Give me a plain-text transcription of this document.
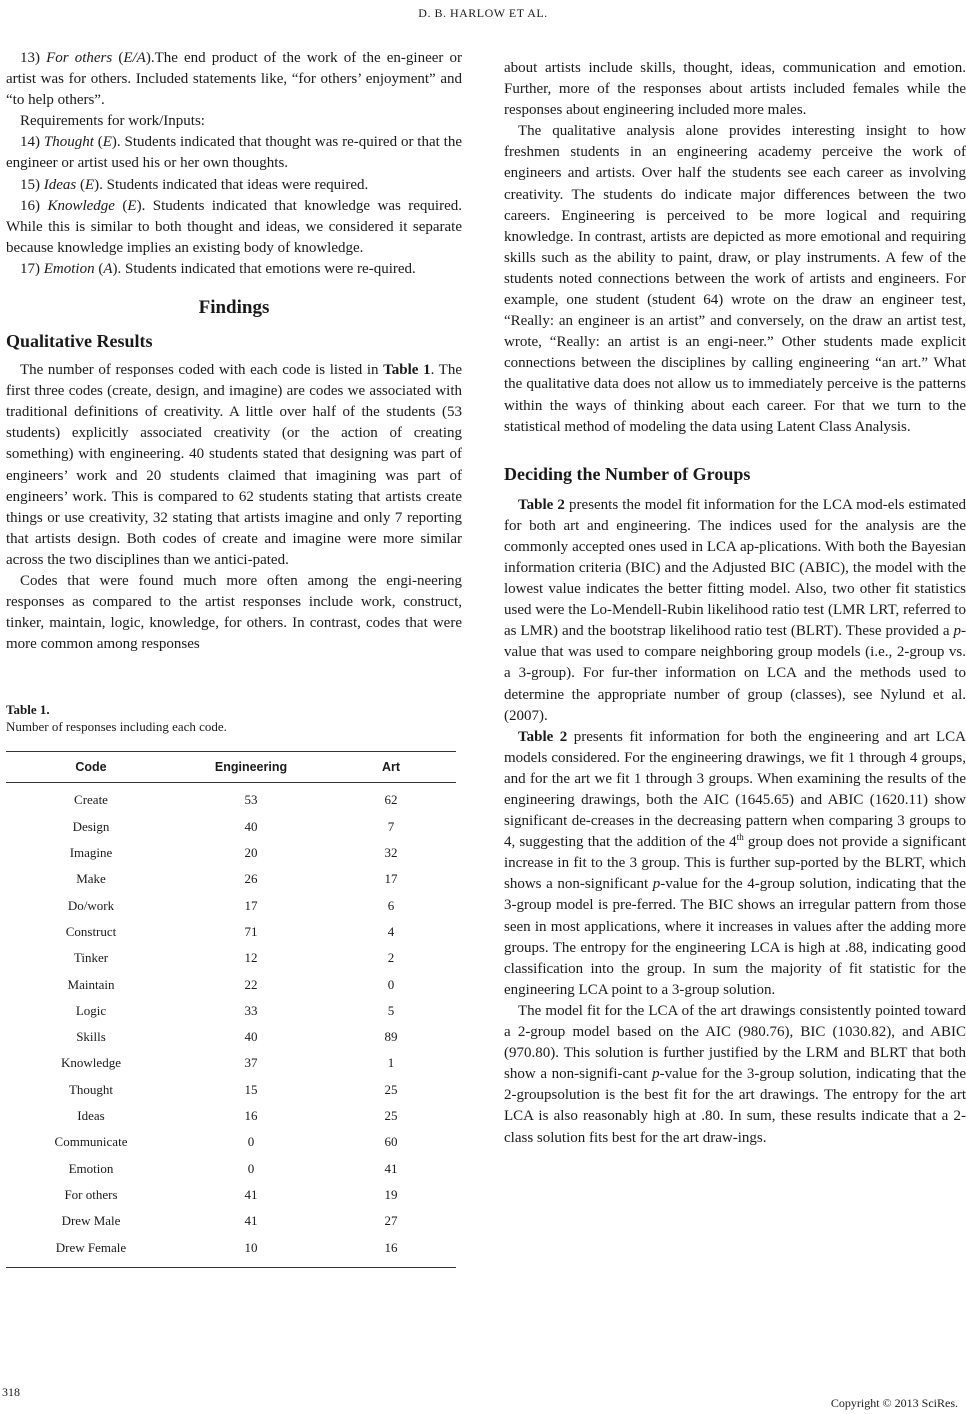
D. B. HARLOW ET AL.

13) For others (E/A).The end product of the work of the en-gineer or artist was for others. Included statements like, “for others’ enjoyment” and “to help others”.

Requirements for work/Inputs:

14) Thought (E). Students indicated that thought was re-quired or that the engineer or artist used his or her own thoughts.

15) Ideas (E). Students indicated that ideas were required.

16) Knowledge (E). Students indicated that knowledge was required. While this is similar to both thought and ideas, we considered it separate because knowledge implies an existing body of knowledge.

17) Emotion (A). Students indicated that emotions were re-quired.

Findings
Qualitative Results

The number of responses coded with each code is listed in Table 1. The first three codes (create, design, and imagine) are codes we associated with traditional definitions of creativity. A little over half of the students (53 students) explicitly associated creativity (or the action of creating something) with engineering. 40 students stated that designing was part of engineers’ work and 20 students claimed that imagining was part of engineers’ work. This is compared to 62 students stating that artists create things or use creativity, 32 stating that artists imagine and only 7 reporting that artists design. Both codes of create and imagine were more similar across the two disciplines than we antici-pated.

Codes that were found much more often among the engi-neering responses as compared to the artist responses include work, construct, tinker, maintain, logic, knowledge, for others. In contrast, codes that were more common among responses

Table 1.
Number of responses including each code.
Code	Engineering	Art
Create	53	62
Design	40	7
Imagine	20	32
Make	26	17
Do/work	17	6
Construct	71	4
Tinker	12	2
Maintain	22	0
Logic	33	5
Skills	40	89
Knowledge	37	1
Thought	15	25
Ideas	16	25
Communicate	0	60
Emotion	0	41
For others	41	19
Drew Male	41	27
Drew Female	10	16

about artists include skills, thought, ideas, communication and emotion. Further, more of the responses about artists included females while the responses about engineering included more males.

The qualitative analysis alone provides interesting insight to how freshmen students in an engineering academy perceive the work of engineers and artists. Over half the students see each career as involving creativity. The students do indicate major differences between the two careers. Engineering is perceived to be more logical and requiring knowledge. In contrast, artists are depicted as more emotional and requiring skills such as the ability to paint, draw, or play instruments. A few of the students noted connections between the work of artists and engineers. For example, one student (student 64) wrote on the draw an engineer test, “Really: an engineer is an artist” and conversely, on the draw an artist test, wrote, “Really: an artist is an engi-neer.” Other students made explicit connections between the disciplines by calling engineering “an art.” What the qualitative data does not allow us to immediately perceive is the patterns within the ways of thinking about each career. For that we turn to the statistical method of modeling the data using Latent Class Analysis.

Deciding the Number of Groups

Table 2 presents the model fit information for the LCA mod-els estimated for both art and engineering. The indices used for the analysis are the commonly accepted ones used in LCA ap-plications. With both the Bayesian information criteria (BIC) and the Adjusted BIC (ABIC), the model with the lowest value indicates the better fitting model. Also, two other fit statistics used were the Lo-Mendell-Rubin likelihood ratio test (LMR LRT, referred to as LMR) and the bootstrap likelihood ratio test (BLRT). These provided a p-value that was used to compare neighboring group models (i.e., 2-group vs. a 3-group). For fur-ther information on LCA and the methods used to determine the appropriate number of group (classes), see Nylund et al. (2007).

Table 2 presents fit information for both the engineering and art LCA models considered. For the engineering drawings, we fit 1 through 4 groups, and for the art we fit 1 through 3 groups. When examining the results of the engineering drawings, both the AIC (1645.65) and ABIC (1620.11) show significant de-creases in the decreasing pattern when comparing 3 groups to 4, suggesting that the addition of the 4th group does not provide a significant increase in fit to the 3 group. This is further sup-ported by the BLRT, which shows a non-significant p-value for the 4-group solution, indicating that the 3-group model is pre-ferred. The BIC shows an irregular pattern from those seen in most applications, where it increases in values after the adding more groups. The entropy for the engineering LCA is high at .88, indicating good classification into the group. In sum the majority of fit statistic for the engineering LCA point to a 3-group solution.

The model fit for the LCA of the art drawings consistently pointed toward a 2-group model based on the AIC (980.76), BIC (1030.82), and ABIC (970.80). This solution is further justified by the LRM and BLRT that both show a non-signifi-cant p-value for the 3-group solution, indicating that the 2-groupsolution is the best fit for the art drawings. The entropy for the art LCA is also reasonably high at .80. In sum, these results indicate that a 2-class solution fits best for the art draw-ings.

318
Copyright © 2013 SciRes.
